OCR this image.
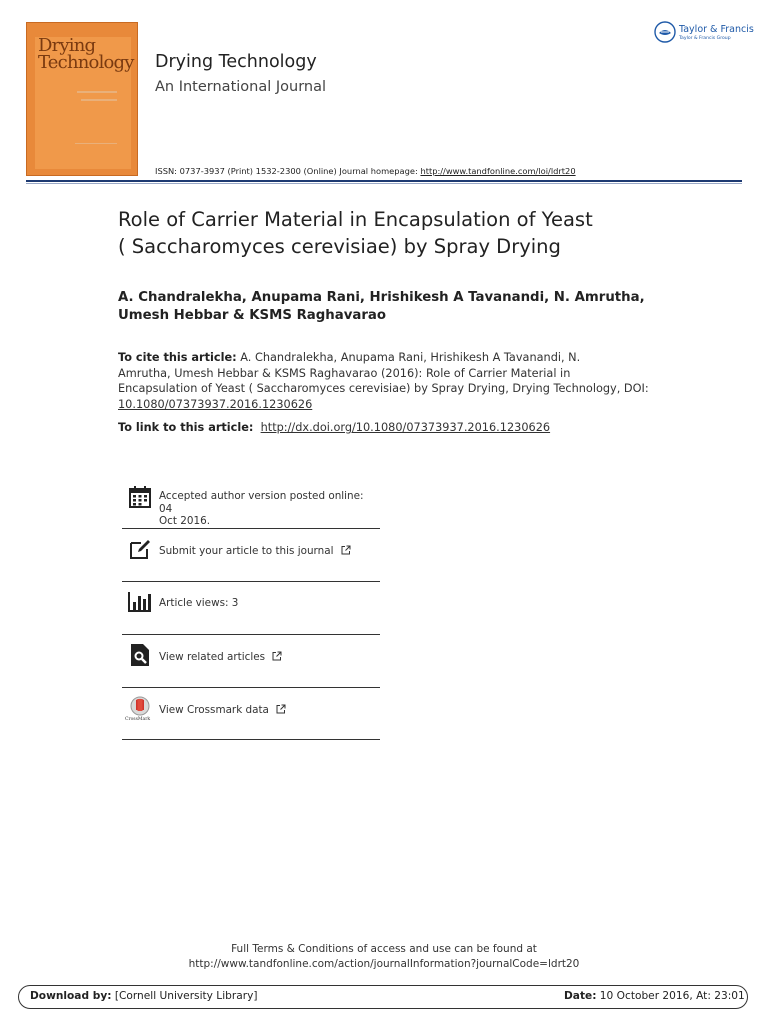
Drying
Technology Drying Technology
An International Journal
ISSN: 0737-3937 (Print) 1532-2300 (Online) Journal homepage: http://www.tandfonline.com/loi/ldrt20
Taylor & Francis
Taylor & Francis Group
Role of Carrier Material in Encapsulation of Yeast
( Saccharomyces cerevisiae) by Spray Drying
A. Chandralekha, Anupama Rani, Hrishikesh A Tavanandi, N. Amrutha,
Umesh Hebbar & KSMS Raghavarao
To cite this article: A. Chandralekha, Anupama Rani, Hrishikesh A Tavanandi, N.
Amrutha, Umesh Hebbar & KSMS Raghavarao (2016): Role of Carrier Material in
Encapsulation of Yeast ( Saccharomyces cerevisiae) by Spray Drying, Drying Technology, DOI:
10.1080/07373937.2016.1230626
To link to this article: http://dx.doi.org/10.1080/07373937.2016.1230626
Accepted author version posted online: 04
Oct 2016.
Submit your article to this journal
Article views: 3
View related articles
CrossMark
View Crossmark data
Full Terms & Conditions of access and use can be found at
http://www.tandfonline.com/action/journalInformation?journalCode=ldrt20
Download by: [Cornell University Library]	Date: 10 October 2016, At: 23:01
